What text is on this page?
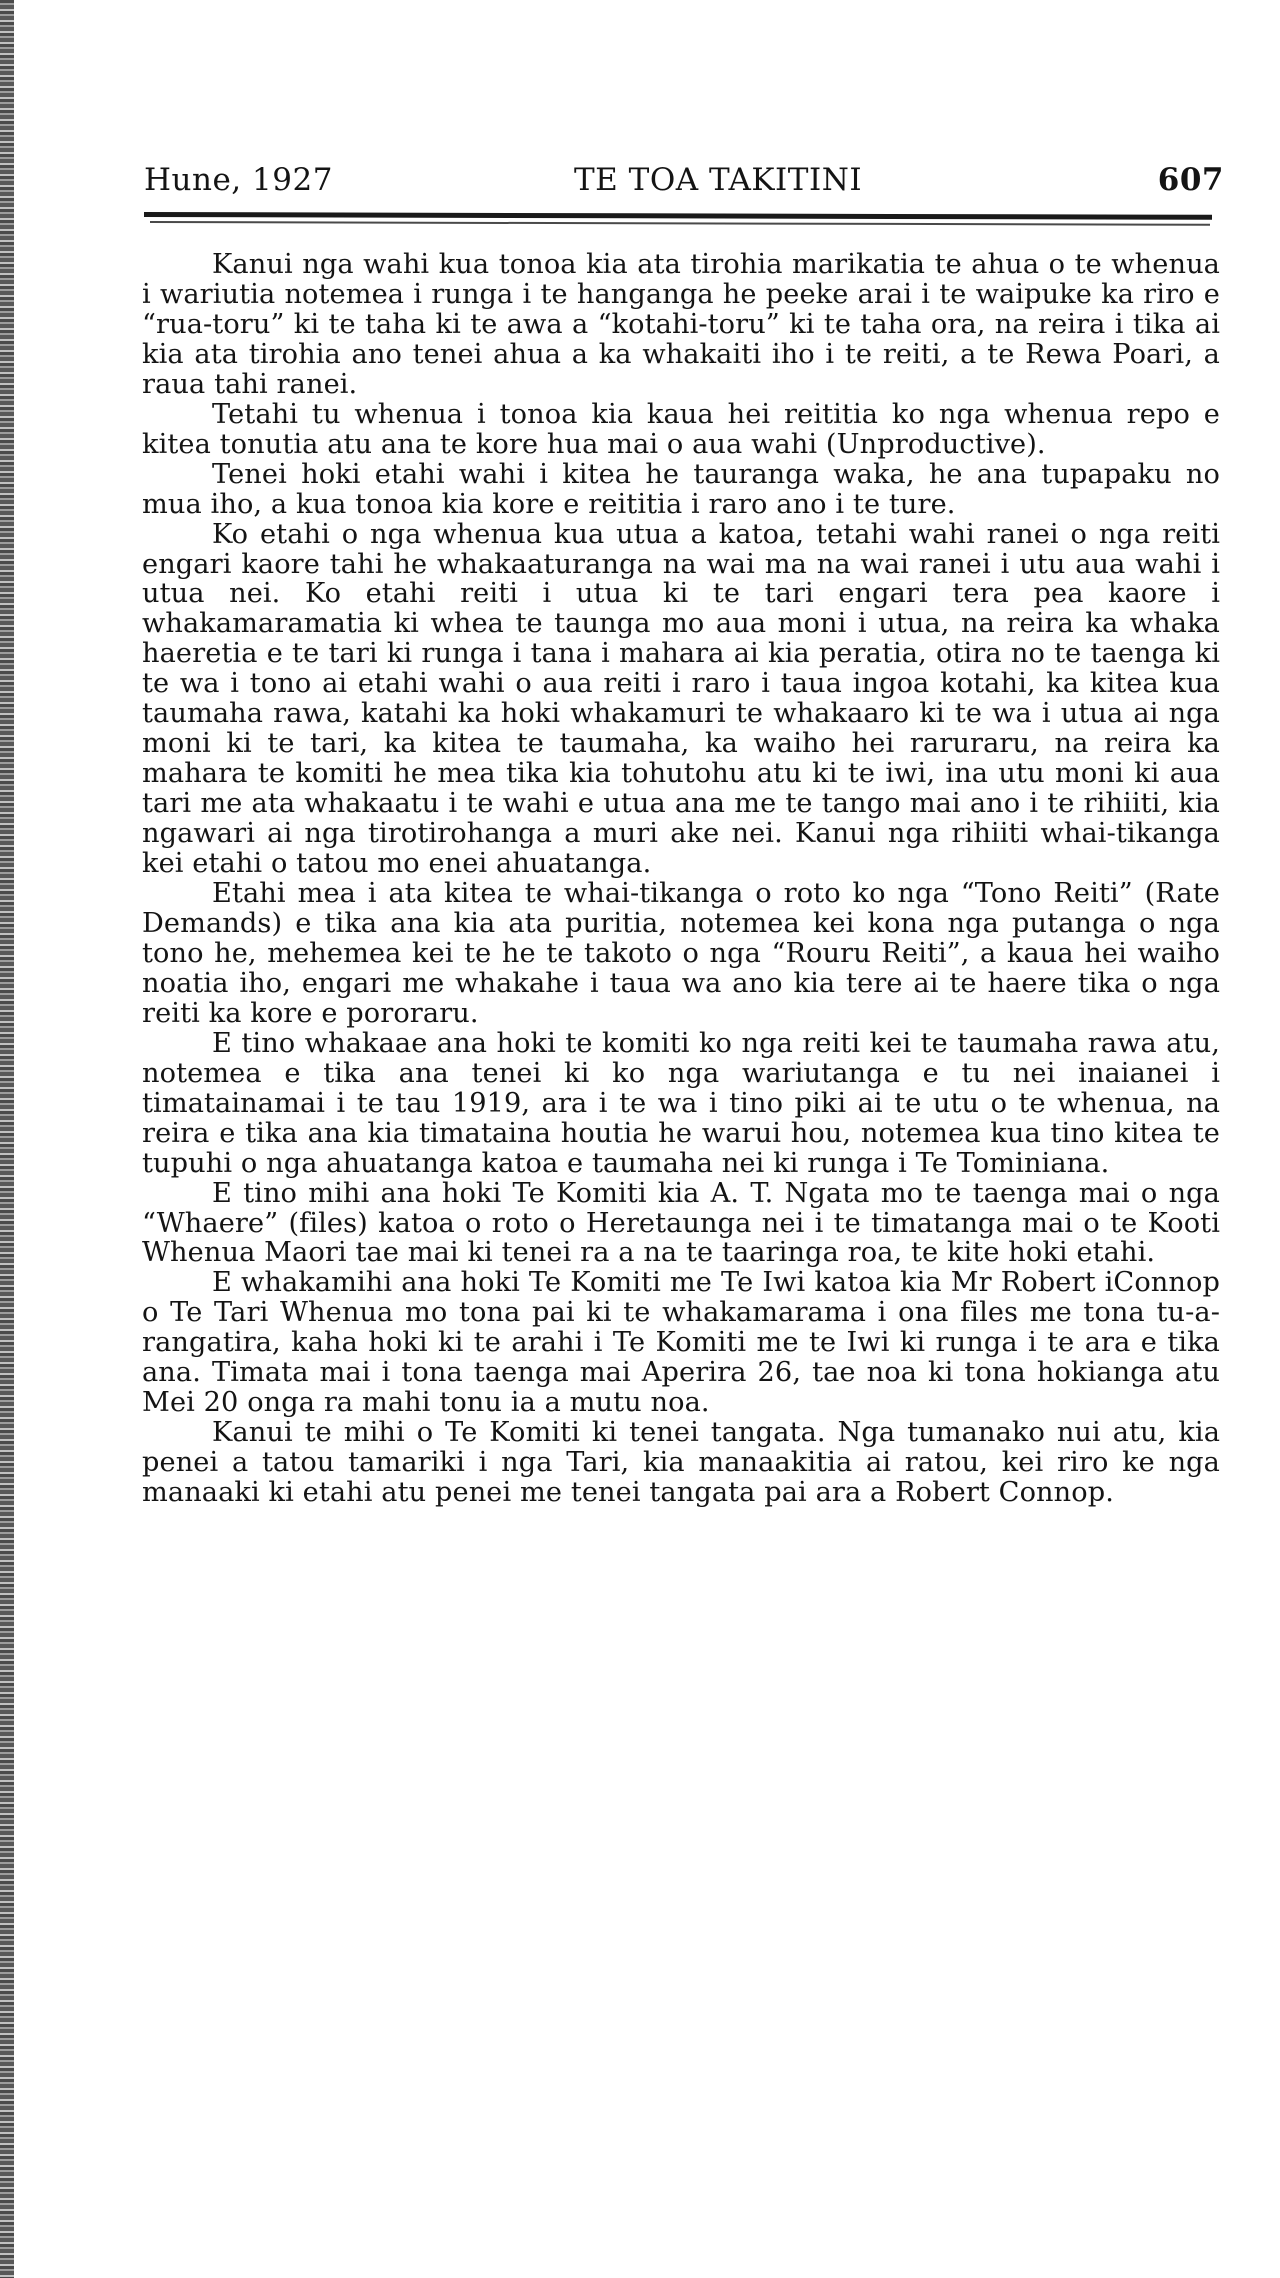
Hune, 1927	TE TOA TAKITINI	607

Kanui nga wahi kua tonoa kia ata tirohia marikatia te ahua o te whenua i wariutia notemea i runga i te hanganga he peeke arai i te waipuke ka riro e “rua-toru” ki te taha ki te awa a “kotahi-toru” ki te taha ora, na reira i tika ai kia ata tirohia ano tenei ahua a ka whakaiti iho i te reiti, a te Rewa Poari, a raua tahi ranei.

Tetahi tu whenua i tonoa kia kaua hei reititia ko nga whenua repo e kitea tonutia atu ana te kore hua mai o aua wahi (Unproductive).

Tenei hoki etahi wahi i kitea he tauranga waka, he ana tupapaku no mua iho, a kua tonoa kia kore e reititia i raro ano i te ture.

Ko etahi o nga whenua kua utua a katoa, tetahi wahi ranei o nga reiti engari kaore tahi he whakaaturanga na wai ma na wai ranei i utu aua wahi i utua nei. Ko etahi reiti i utua ki te tari engari tera pea kaore i whakamaramatia ki whea te taunga mo aua moni i utua, na reira ka whaka haeretia e te tari ki runga i tana i mahara ai kia peratia, otira no te taenga ki te wa i tono ai etahi wahi o aua reiti i raro i taua ingoa kotahi, ka kitea kua taumaha rawa, katahi ka hoki whakamuri te whakaaro ki te wa i utua ai nga moni ki te tari, ka kitea te taumaha, ka waiho hei raruraru, na reira ka mahara te komiti he mea tika kia tohutohu atu ki te iwi, ina utu moni ki aua tari me ata whakaatu i te wahi e utua ana me te tango mai ano i te rihiiti, kia ngawari ai nga tirotirohanga a muri ake nei. Kanui nga rihiiti whai-tikanga kei etahi o tatou mo enei ahuatanga.

Etahi mea i ata kitea te whai-tikanga o roto ko nga “Tono Reiti” (Rate Demands) e tika ana kia ata puritia, notemea kei kona nga putanga o nga tono he, mehemea kei te he te takoto o nga “Rouru Reiti”, a kaua hei waiho noatia iho, engari me whakahe i taua wa ano kia tere ai te haere tika o nga reiti ka kore e pororaru.

E tino whakaae ana hoki te komiti ko nga reiti kei te taumaha rawa atu, notemea e tika ana tenei ki ko nga wariutanga e tu nei inaianei i timatainamai i te tau 1919, ara i te wa i tino piki ai te utu o te whenua, na reira e tika ana kia timataina houtia he warui hou, notemea kua tino kitea te tupuhi o nga ahuatanga katoa e taumaha nei ki runga i Te Tominiana.

E tino mihi ana hoki Te Komiti kia A. T. Ngata mo te taenga mai o nga “Whaere” (files) katoa o roto o Heretaunga nei i te timatanga mai o te Kooti Whenua Maori tae mai ki tenei ra a na te taaringa roa, te kite hoki etahi.

E whakamihi ana hoki Te Komiti me Te Iwi katoa kia Mr Robert iConnop o Te Tari Whenua mo tona pai ki te whakamarama i ona files me tona tu-a-rangatira, kaha hoki ki te arahi i Te Komiti me te Iwi ki runga i te ara e tika ana. Timata mai i tona taenga mai Aperira 26, tae noa ki tona hokianga atu Mei 20 onga ra mahi tonu ia a mutu noa.

Kanui te mihi o Te Komiti ki tenei tangata. Nga tumanako nui atu, kia penei a tatou tamariki i nga Tari, kia manaakitia ai ratou, kei riro ke nga manaaki ki etahi atu penei me tenei tangata pai ara a Robert Connop.
